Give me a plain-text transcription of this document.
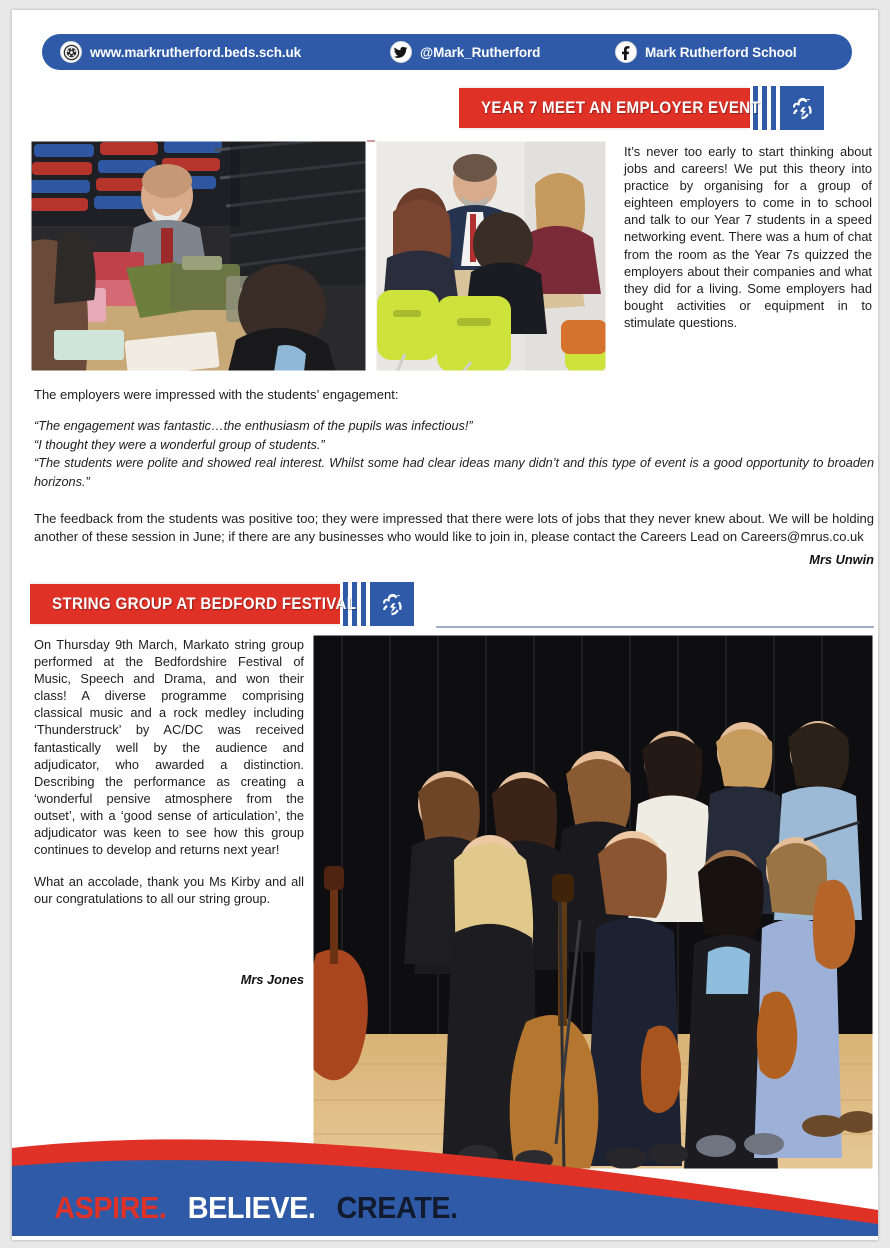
www.markrutherford.beds.sch.uk	@Mark_Rutherford	Mark Rutherford School
YEAR 7 MEET AN EMPLOYER EVENT

It’s never too early to start thinking about jobs and careers! We put this theory into practice by organising for a group of eighteen employers to come in to school and talk to our Year 7 students in a speed networking event. There was a hum of chat from the room as the Year 7s quizzed the employers about their companies and what they did for a living. Some employers had bought activities or equipment in to stimulate questions.

The employers were impressed with the students’ engagement:

“The engagement was fantastic…the enthusiasm of the pupils was infectious!”

“I thought they were a wonderful group of students.”

“The students were polite and showed real interest. Whilst some had clear ideas many didn’t and this type of event is a good opportunity to broaden horizons.”

The feedback from the students was positive too; they were impressed that there were lots of jobs that they never knew about. We will be holding another of these session in June; if there are any businesses who would like to join in, please contact the Careers Lead on Careers@mrus.co.uk

Mrs Unwin
STRING GROUP AT BEDFORD FESTIVAL

On Thursday 9th March, Markato string group performed at the Bedfordshire Festival of Music, Speech and Drama, and won their class! A diverse programme comprising classical music and a rock medley including ‘Thunderstruck’ by AC/DC was received fantastically well by the audience and adjudicator, who awarded a distinction. Describing the performance as creating a ‘wonderful pensive atmosphere from the outset’, with a ‘good sense of articulation’, the adjudicator was keen to see how this group continues to develop and returns next year!

What an accolade, thank you Ms Kirby and all our congratulations to all our string group.

Mrs Jones
ASPIRE. BELIEVE. CREATE.
